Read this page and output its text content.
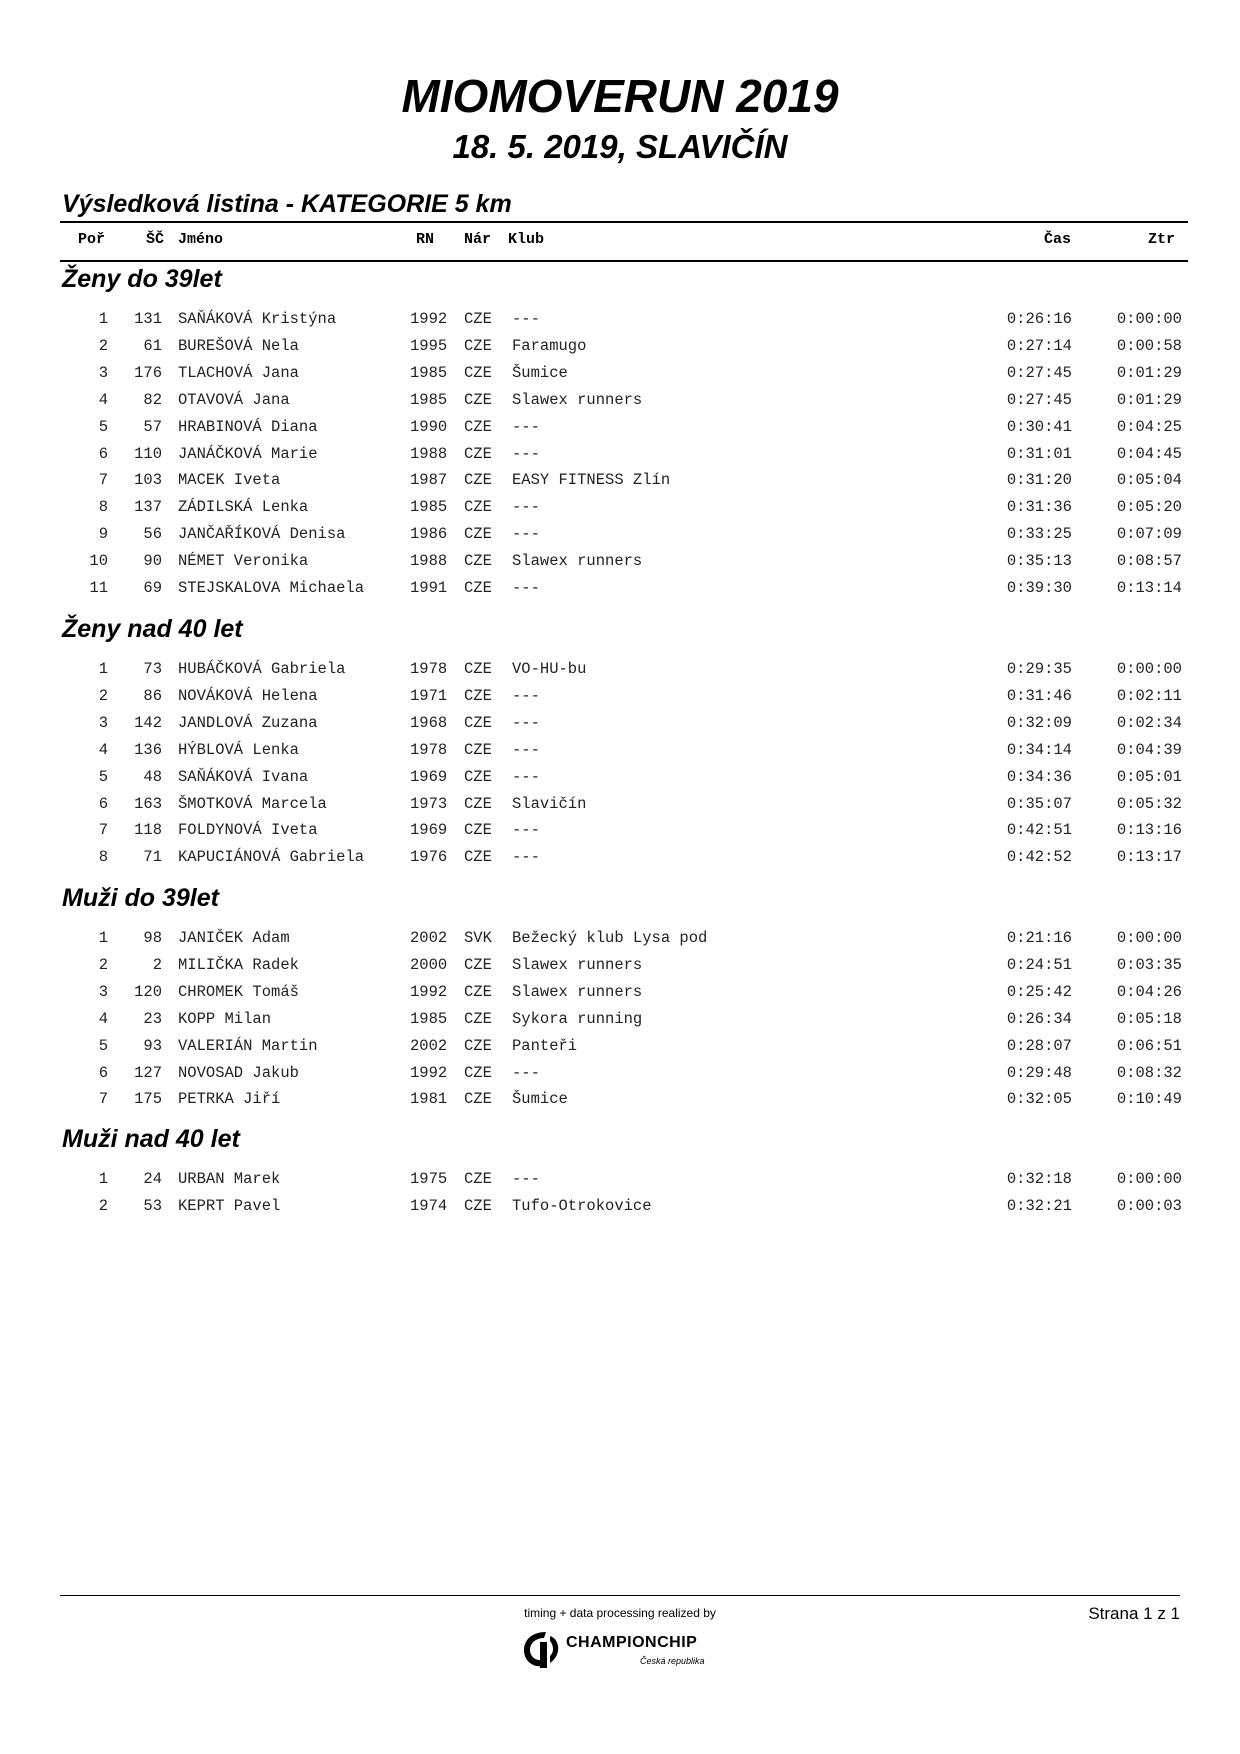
MIOMOVERUN 2019
18. 5. 2019, SLAVIČÍN
Výsledková listina - KATEGORIE 5 km
Poř	ŠČ Jméno	RN Nár Klub	Čas	Ztr
Ženy do 39let
1	131 SAŇÁKOVÁ Kristýna	1992 CZE ---	0:26:16	0:00:00
2	61 BUREŠOVÁ Nela	1995 CZE Faramugo	0:27:14	0:00:58
3	176 TLACHOVÁ Jana	1985 CZE Šumice	0:27:45	0:01:29
4	82 OTAVOVÁ Jana	1985 CZE Slawex runners	0:27:45	0:01:29
5	57 HRABINOVÁ Diana	1990 CZE ---	0:30:41	0:04:25
6	110 JANÁČKOVÁ Marie	1988 CZE ---	0:31:01	0:04:45
7	103 MACEK Iveta	1987 CZE EASY FITNESS Zlín	0:31:20	0:05:04
8	137 ZÁDILSKÁ Lenka	1985 CZE ---	0:31:36	0:05:20
9	56 JANČAŘÍKOVÁ Denisa	1986 CZE ---	0:33:25	0:07:09
10	90 NÉMET Veronika	1988 CZE Slawex runners	0:35:13	0:08:57
11	69 STEJSKALOVA Michaela	1991 CZE ---	0:39:30	0:13:14
Ženy nad 40 let
1	73 HUBÁČKOVÁ Gabriela	1978 CZE VO-HU-bu	0:29:35	0:00:00
2	86 NOVÁKOVÁ Helena	1971 CZE ---	0:31:46	0:02:11
3	142 JANDLOVÁ Zuzana	1968 CZE ---	0:32:09	0:02:34
4	136 HÝBLOVÁ Lenka	1978 CZE ---	0:34:14	0:04:39
5	48 SAŇÁKOVÁ Ivana	1969 CZE ---	0:34:36	0:05:01
6	163 ŠMOTKOVÁ Marcela	1973 CZE Slavičín	0:35:07	0:05:32
7	118 FOLDYNOVÁ Iveta	1969 CZE ---	0:42:51	0:13:16
8	71 KAPUCIÁNOVÁ Gabriela	1976 CZE ---	0:42:52	0:13:17
Muži do 39let
1	98 JANIČEK Adam	2002 SVK Bežecký klub Lysa pod	0:21:16	0:00:00
2	2 MILIČKA Radek	2000 CZE Slawex runners	0:24:51	0:03:35
3	120 CHROMEK Tomáš	1992 CZE Slawex runners	0:25:42	0:04:26
4	23 KOPP Milan	1985 CZE Sykora running	0:26:34	0:05:18
5	93 VALERIÁN Martin	2002 CZE Panteři	0:28:07	0:06:51
6	127 NOVOSAD Jakub	1992 CZE ---	0:29:48	0:08:32
7	175 PETRKA Jiří	1981 CZE Šumice	0:32:05	0:10:49
Muži nad 40 let
1	24 URBAN Marek	1975 CZE ---	0:32:18	0:00:00
2	53 KEPRT Pavel	1974 CZE Tufo-Otrokovice	0:32:21	0:00:03
timing + data processing realized by	Strana 1 z 1
CHAMPIONCHIP
Česká republika
